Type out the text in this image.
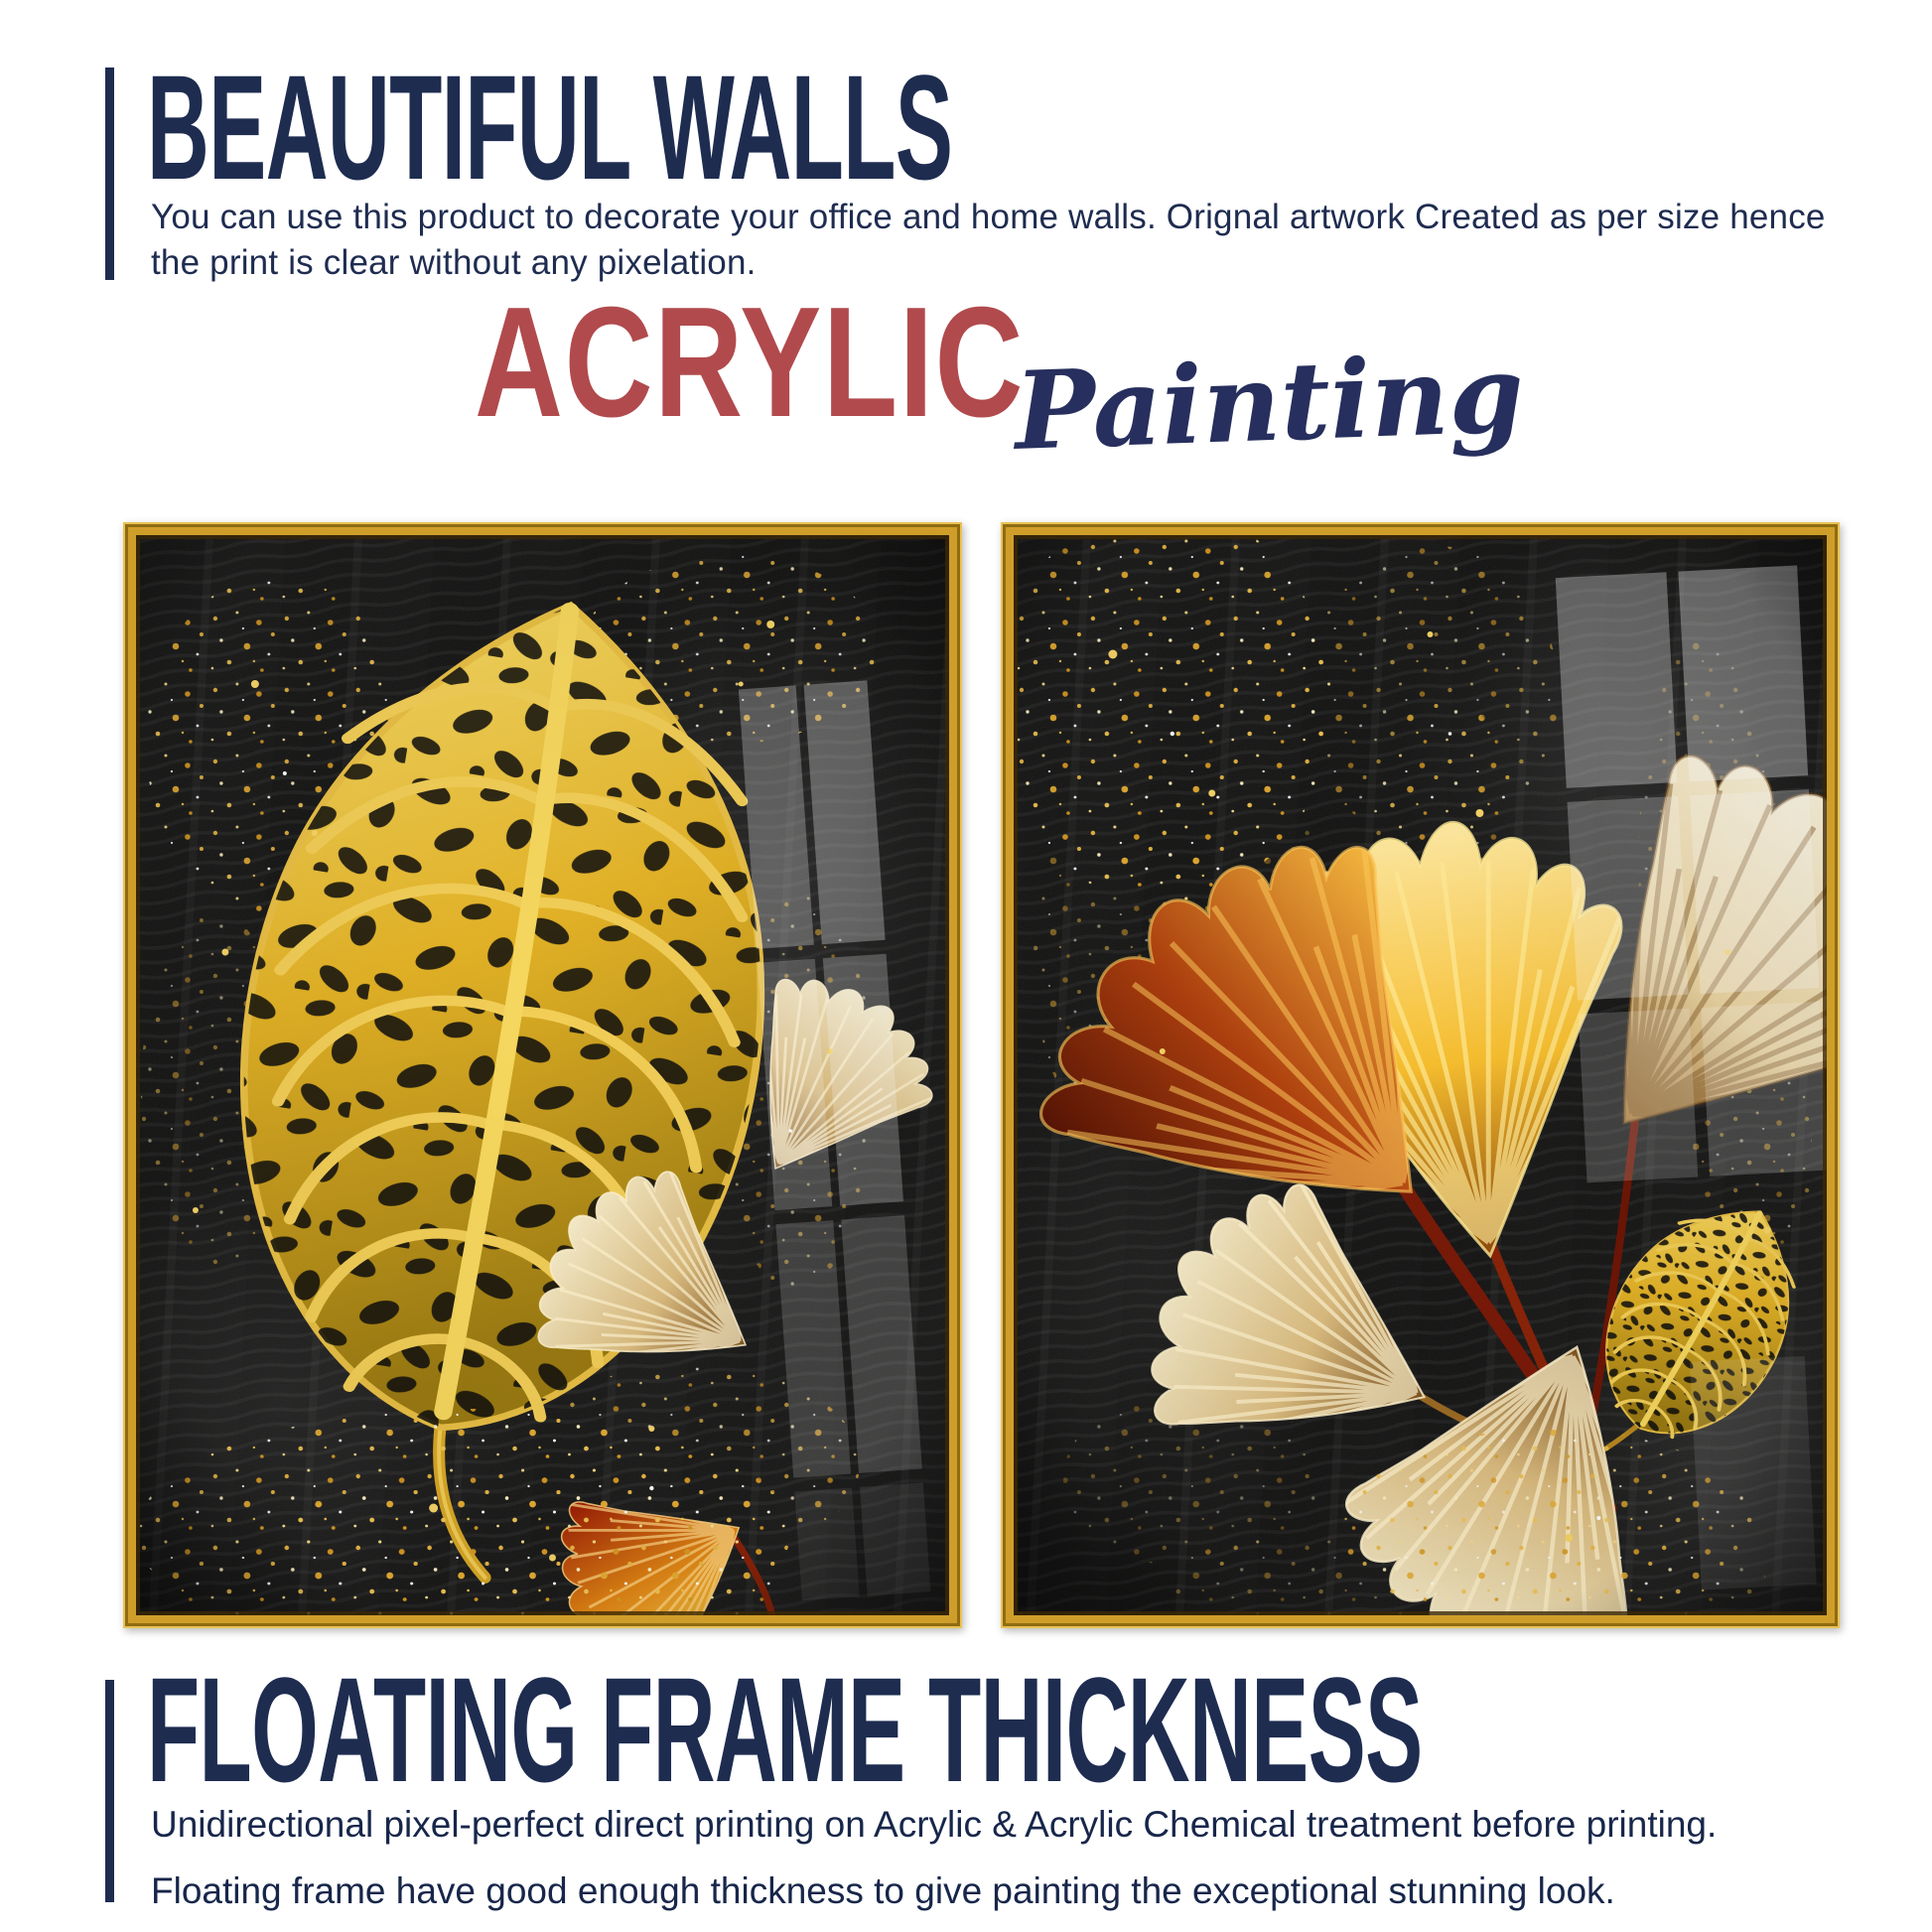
BEAUTIFUL WALLS
You can use this product to decorate your office and home walls. Orignal artwork Created as per size hence the print is clear without any pixelation.
ACRYLIC
Painting
FLOATING FRAME THICKNESS

Unidirectional pixel-perfect direct printing on Acrylic & Acrylic Chemical treatment before printing.

Floating frame have good enough thickness to give painting the exceptional stunning look.
